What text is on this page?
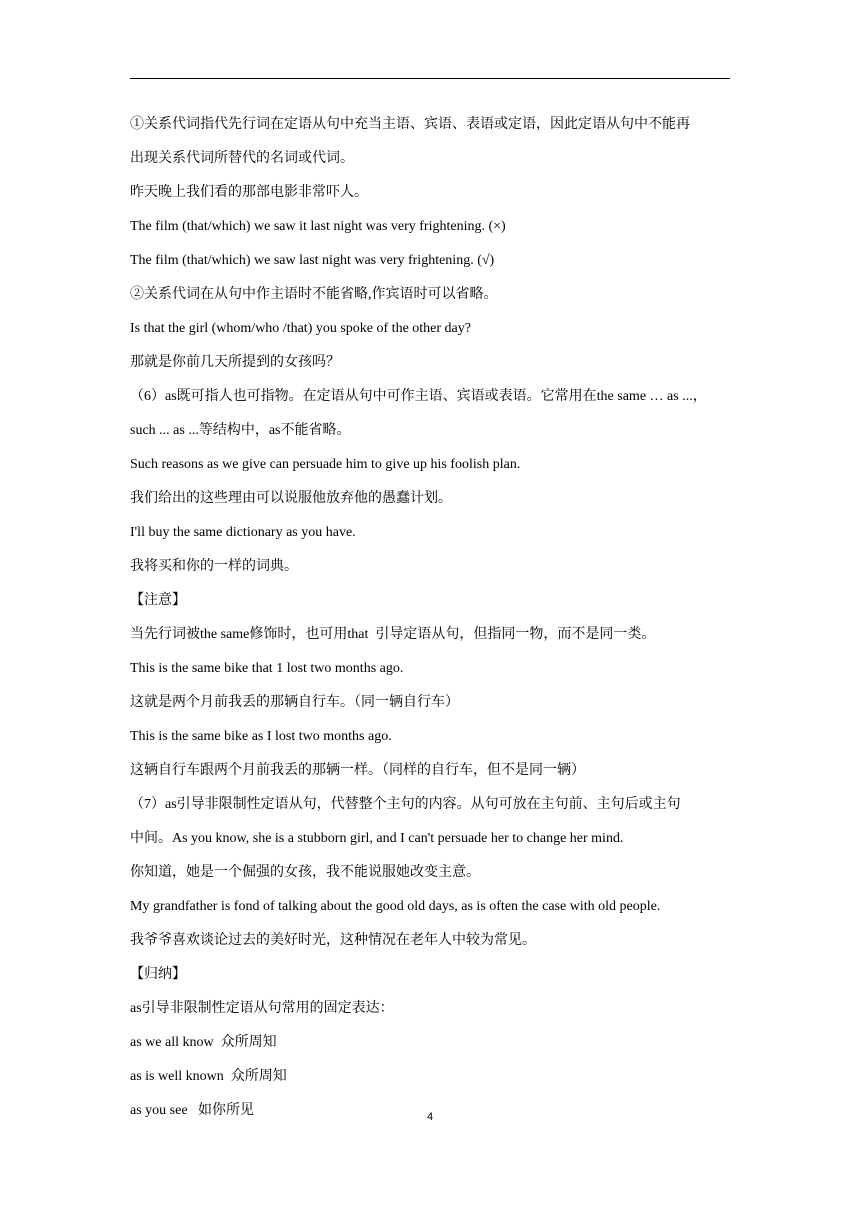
①关系代词指代先行词在定语从句中充当主语、宾语、表语或定语，因此定语从句中不能再
出现关系代词所替代的名词或代词。
昨天晚上我们看的那部电影非常吓人。
The film (that/which) we saw it last night was very frightening. (×)
The film (that/which) we saw last night was very frightening. (√)
②关系代词在从句中作主语时不能省略,作宾语时可以省略。
Is that the girl (whom/who /that) you spoke of the other day?
那就是你前几天所提到的女孩吗？
（6）as既可指人也可指物。在定语从句中可作主语、宾语或表语。它常用在the same … as ...，
such ... as ...等结构中，as不能省略。
Such reasons as we give can persuade him to give up his foolish plan.
我们给出的这些理由可以说服他放弃他的愚蠢计划。
I'll buy the same dictionary as you have.
我将买和你的一样的词典。
【注意】
当先行词被the same修饰时，也可用that  引导定语从句，但指同一物，而不是同一类。
This is the same bike that 1 lost two months ago.
这就是两个月前我丢的那辆自行车。（同一辆自行车）
This is the same bike as I lost two months ago.
这辆自行车跟两个月前我丢的那辆一样。（同样的自行车，但不是同一辆）
（7）as引导非限制性定语从句，代替整个主句的内容。从句可放在主句前、主句后或主句
中间。As you know, she is a stubborn girl, and I can't persuade her to change her mind.
你知道，她是一个倔强的女孩，我不能说服她改变主意。
My grandfather is fond of talking about the good old days, as is often the case with old people.
我爷爷喜欢谈论过去的美好时光，这种情况在老年人中较为常见。
【归纳】
as引导非限制性定语从句常用的固定表达：
as we all know  众所周知
as is well known  众所周知
as you see   如你所见	4
